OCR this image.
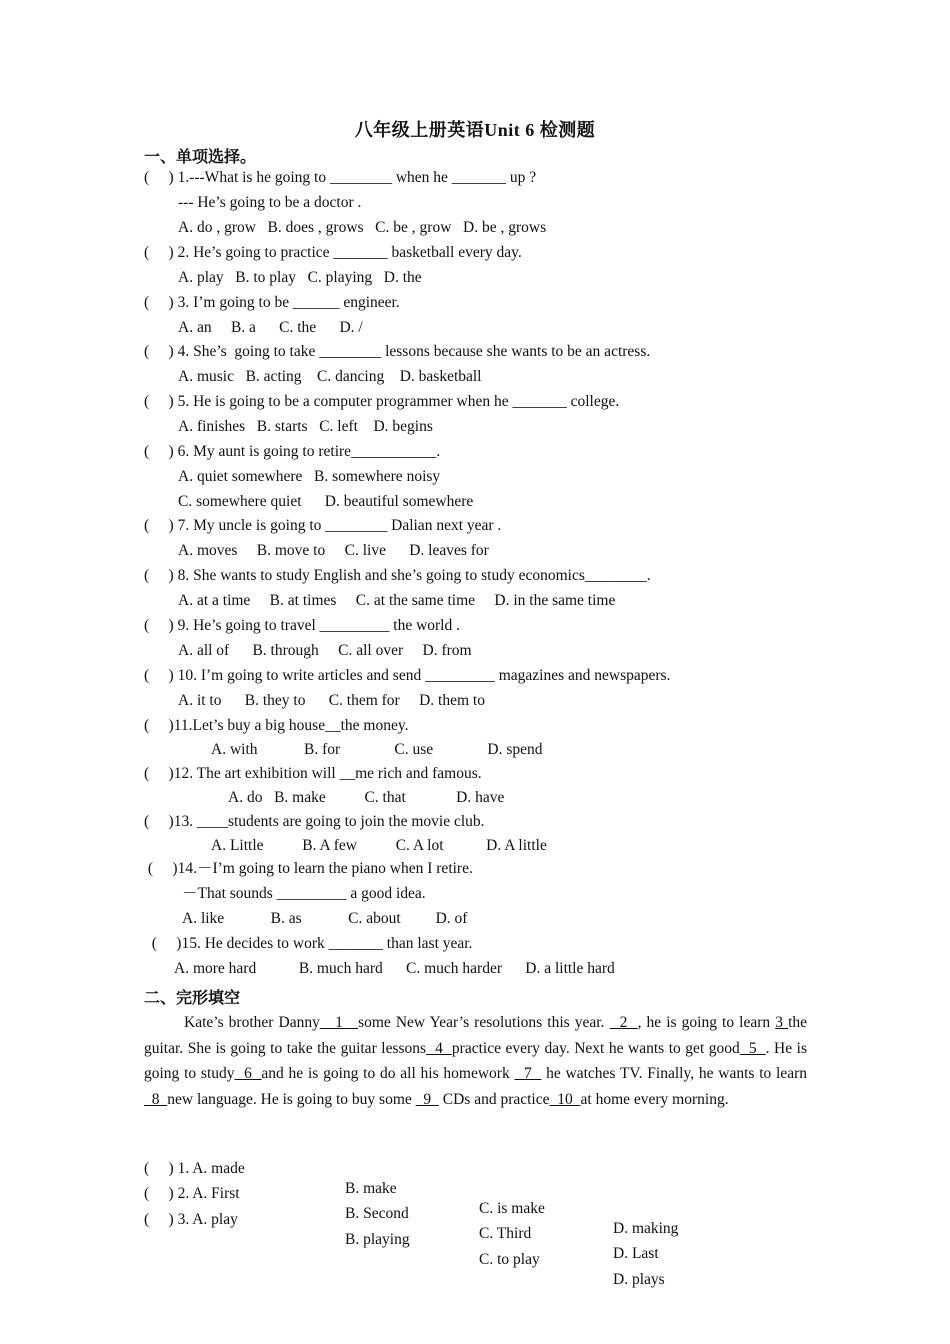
八年级上册英语Unit 6 检测题
一、单项选择。
(     ) 1.---What is he going to ________ when he _______ up ?
--- He’s going to be a doctor .
A. do , grow   B. does , grows   C. be , grow   D. be , grows
(     ) 2. He’s going to practice _______ basketball every day.
A. play   B. to play   C. playing   D. the
(     ) 3. I’m going to be ______ engineer.
A. an     B. a      C. the      D. /
(     ) 4. She’s  going to take ________ lessons because she wants to be an actress.
A. music   B. acting    C. dancing    D. basketball
(     ) 5. He is going to be a computer programmer when he _______ college.
A. finishes   B. starts   C. left    D. begins
(     ) 6. My aunt is going to retire___________.
A. quiet somewhere   B. somewhere noisy
C. somewhere quiet      D. beautiful somewhere
(     ) 7. My uncle is going to ________ Dalian next year .
A. moves     B. move to     C. live      D. leaves for
(     ) 8. She wants to study English and she’s going to study economics________.
A. at a time     B. at times     C. at the same time     D. in the same time
(     ) 9. He’s going to travel _________ the world .
A. all of      B. through     C. all over     D. from
(     ) 10. I’m going to write articles and send _________ magazines and newspapers.
A. it to      B. they to      C. them for     D. them to
(     )11.Let’s buy a big house__the money.
A. with            B. for              C. use              D. spend
(     )12. The art exhibition will __me rich and famous.
A. do   B. make          C. that             D. have
(     )13. ____students are going to join the movie club.
A. Little          B. A few          C. A lot           D. A little
(     )14.－I’m going to learn the piano when I retire.
－That sounds _________ a good idea.
A. like            B. as            C. about         D. of
(     )15. He decides to work _______ than last year.
A. more hard           B. much hard      C. much harder      D. a little hard
二、完形填空
Kate’s brother Danny   1   some New Year’s resolutions this year.   2  , he is going to learn 3 the guitar. She is going to take the guitar lessons  4  practice every day. Next he wants to get good  5  . He is going to study  6  and he is going to do all his homework   7   he watches TV. Finally, he wants to learn  8  new language. He is going to buy some   9   CDs and practice  10  at home every morning.

(     ) 1. A. made

B. make

C. is make

D. making

(     ) 2. A. First

B. Second

C. Third

D. Last

(     ) 3. A. play

B. playing

C. to play

D. plays
